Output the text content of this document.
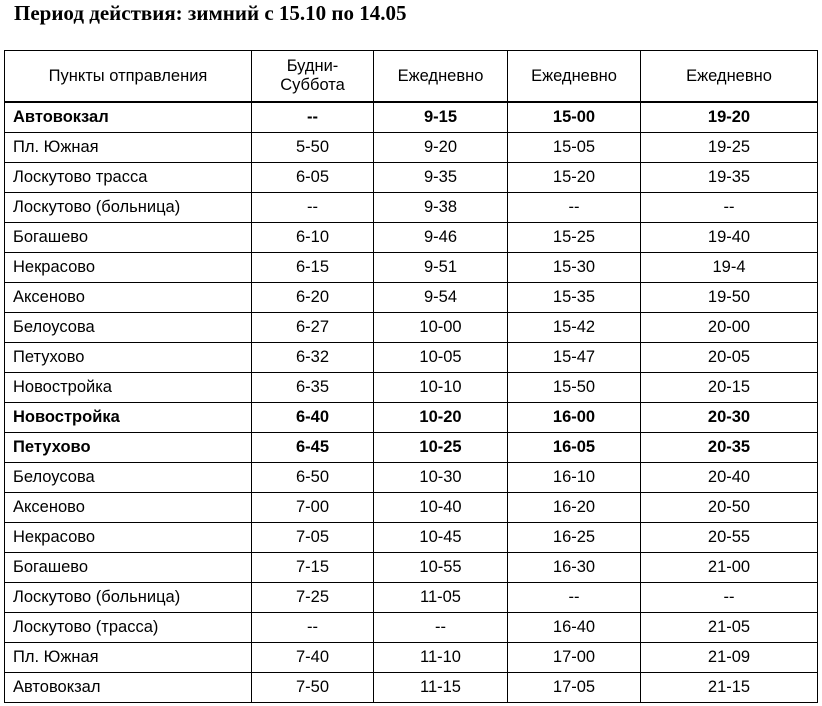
Период действия: зимний с 15.10 по 14.05
Пункты отправления	Будни-Суббота	Ежедневно	Ежедневно	Ежедневно
Автовокзал	--	9-15	15-00	19-20
Пл. Южная	5-50	9-20	15-05	19-25
Лоскутово трасса	6-05	9-35	15-20	19-35
Лоскутово (больница)	--	9-38	--	--
Богашево	6-10	9-46	15-25	19-40
Некрасово	6-15	9-51	15-30	19-4
Аксеново	6-20	9-54	15-35	19-50
Белоусова	6-27	10-00	15-42	20-00
Петухово	6-32	10-05	15-47	20-05
Новостройка	6-35	10-10	15-50	20-15
Новостройка	6-40	10-20	16-00	20-30
Петухово	6-45	10-25	16-05	20-35
Белоусова	6-50	10-30	16-10	20-40
Аксеново	7-00	10-40	16-20	20-50
Некрасово	7-05	10-45	16-25	20-55
Богашево	7-15	10-55	16-30	21-00
Лоскутово (больница)	7-25	11-05	--	--
Лоскутово (трасса)	--	--	16-40	21-05
Пл. Южная	7-40	11-10	17-00	21-09
Автовокзал	7-50	11-15	17-05	21-15
